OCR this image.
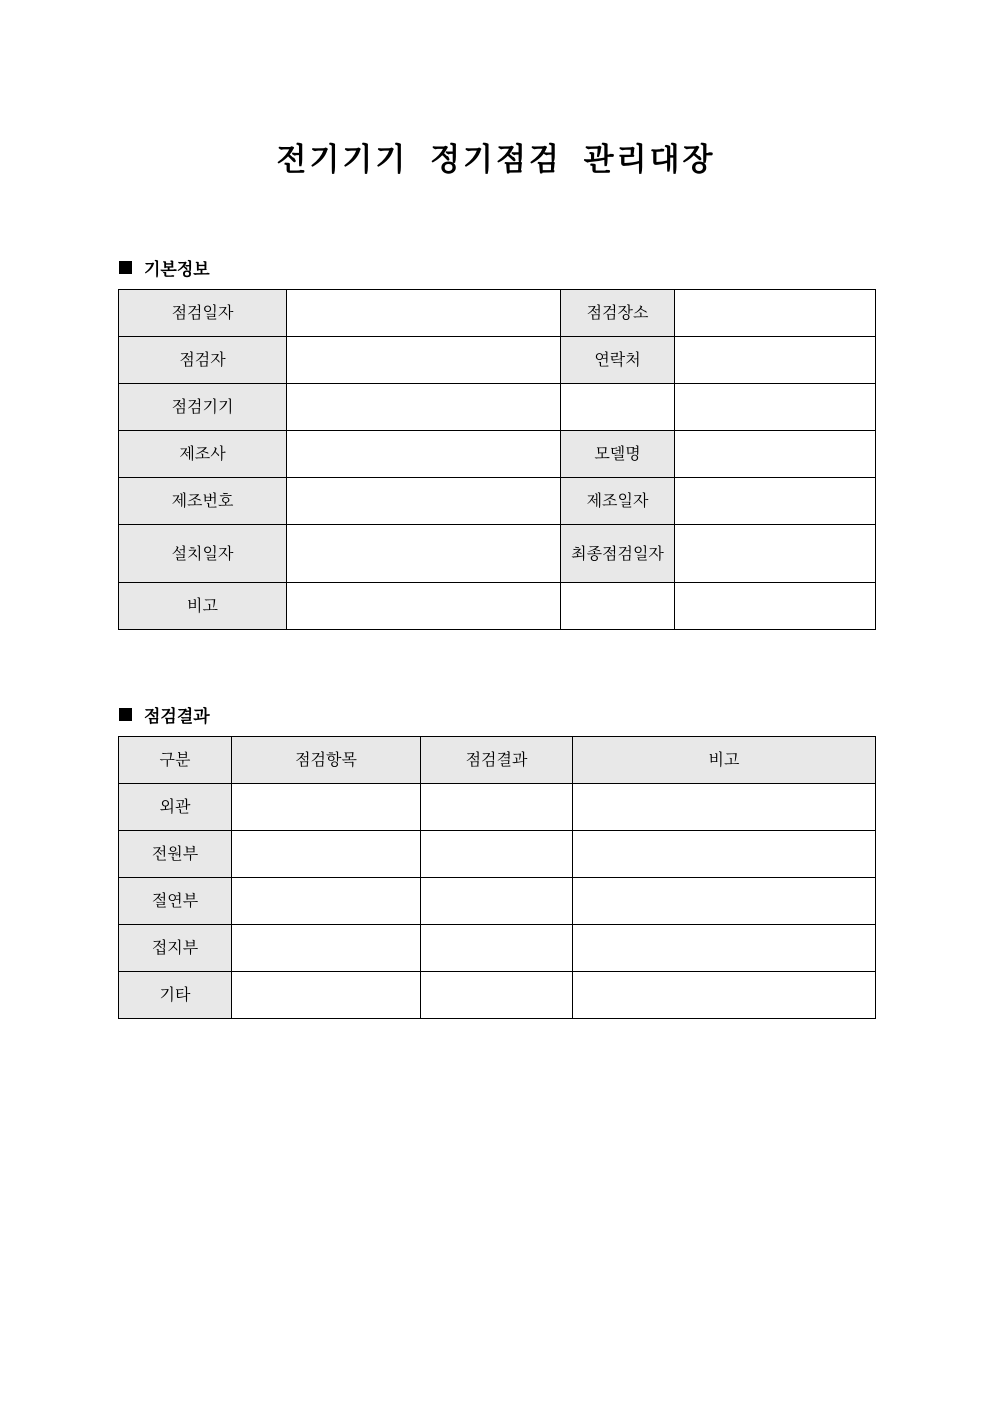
전기기기 정기점검 관리대장
기본정보
점검일자		점검장소	
점검자		연락처	
점검기기			
제조사		모델명	
제조번호		제조일자	
설치일자		최종점검일자	
비고			
점검결과
구분	점검항목	점검결과	비고
외관			
전원부			
절연부			
접지부			
기타			
